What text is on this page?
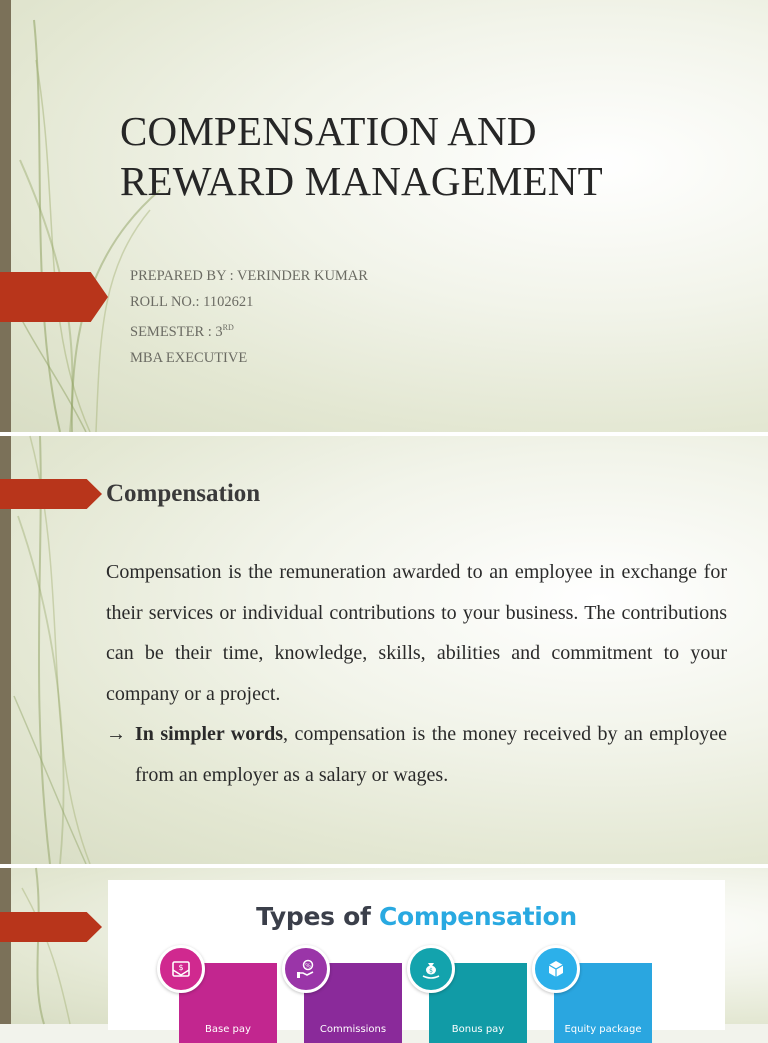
COMPENSATION AND
REWARD MANAGEMENT
PREPARED BY : VERINDER KUMAR
ROLL NO.: 1102621
SEMESTER : 3RD
MBA EXECUTIVE
Compensation
Compensation is the remuneration awarded to an employee in exchange for their services or individual contributions to your business. The contributions can be their time, knowledge, skills, abilities and commitment to your company or a project.
→ In simpler words, compensation is the money received by an employee from an employer as a salary or wages.
Types of Compensation
$
Base pay
%
Commissions
$
Bonus pay	Equity package
